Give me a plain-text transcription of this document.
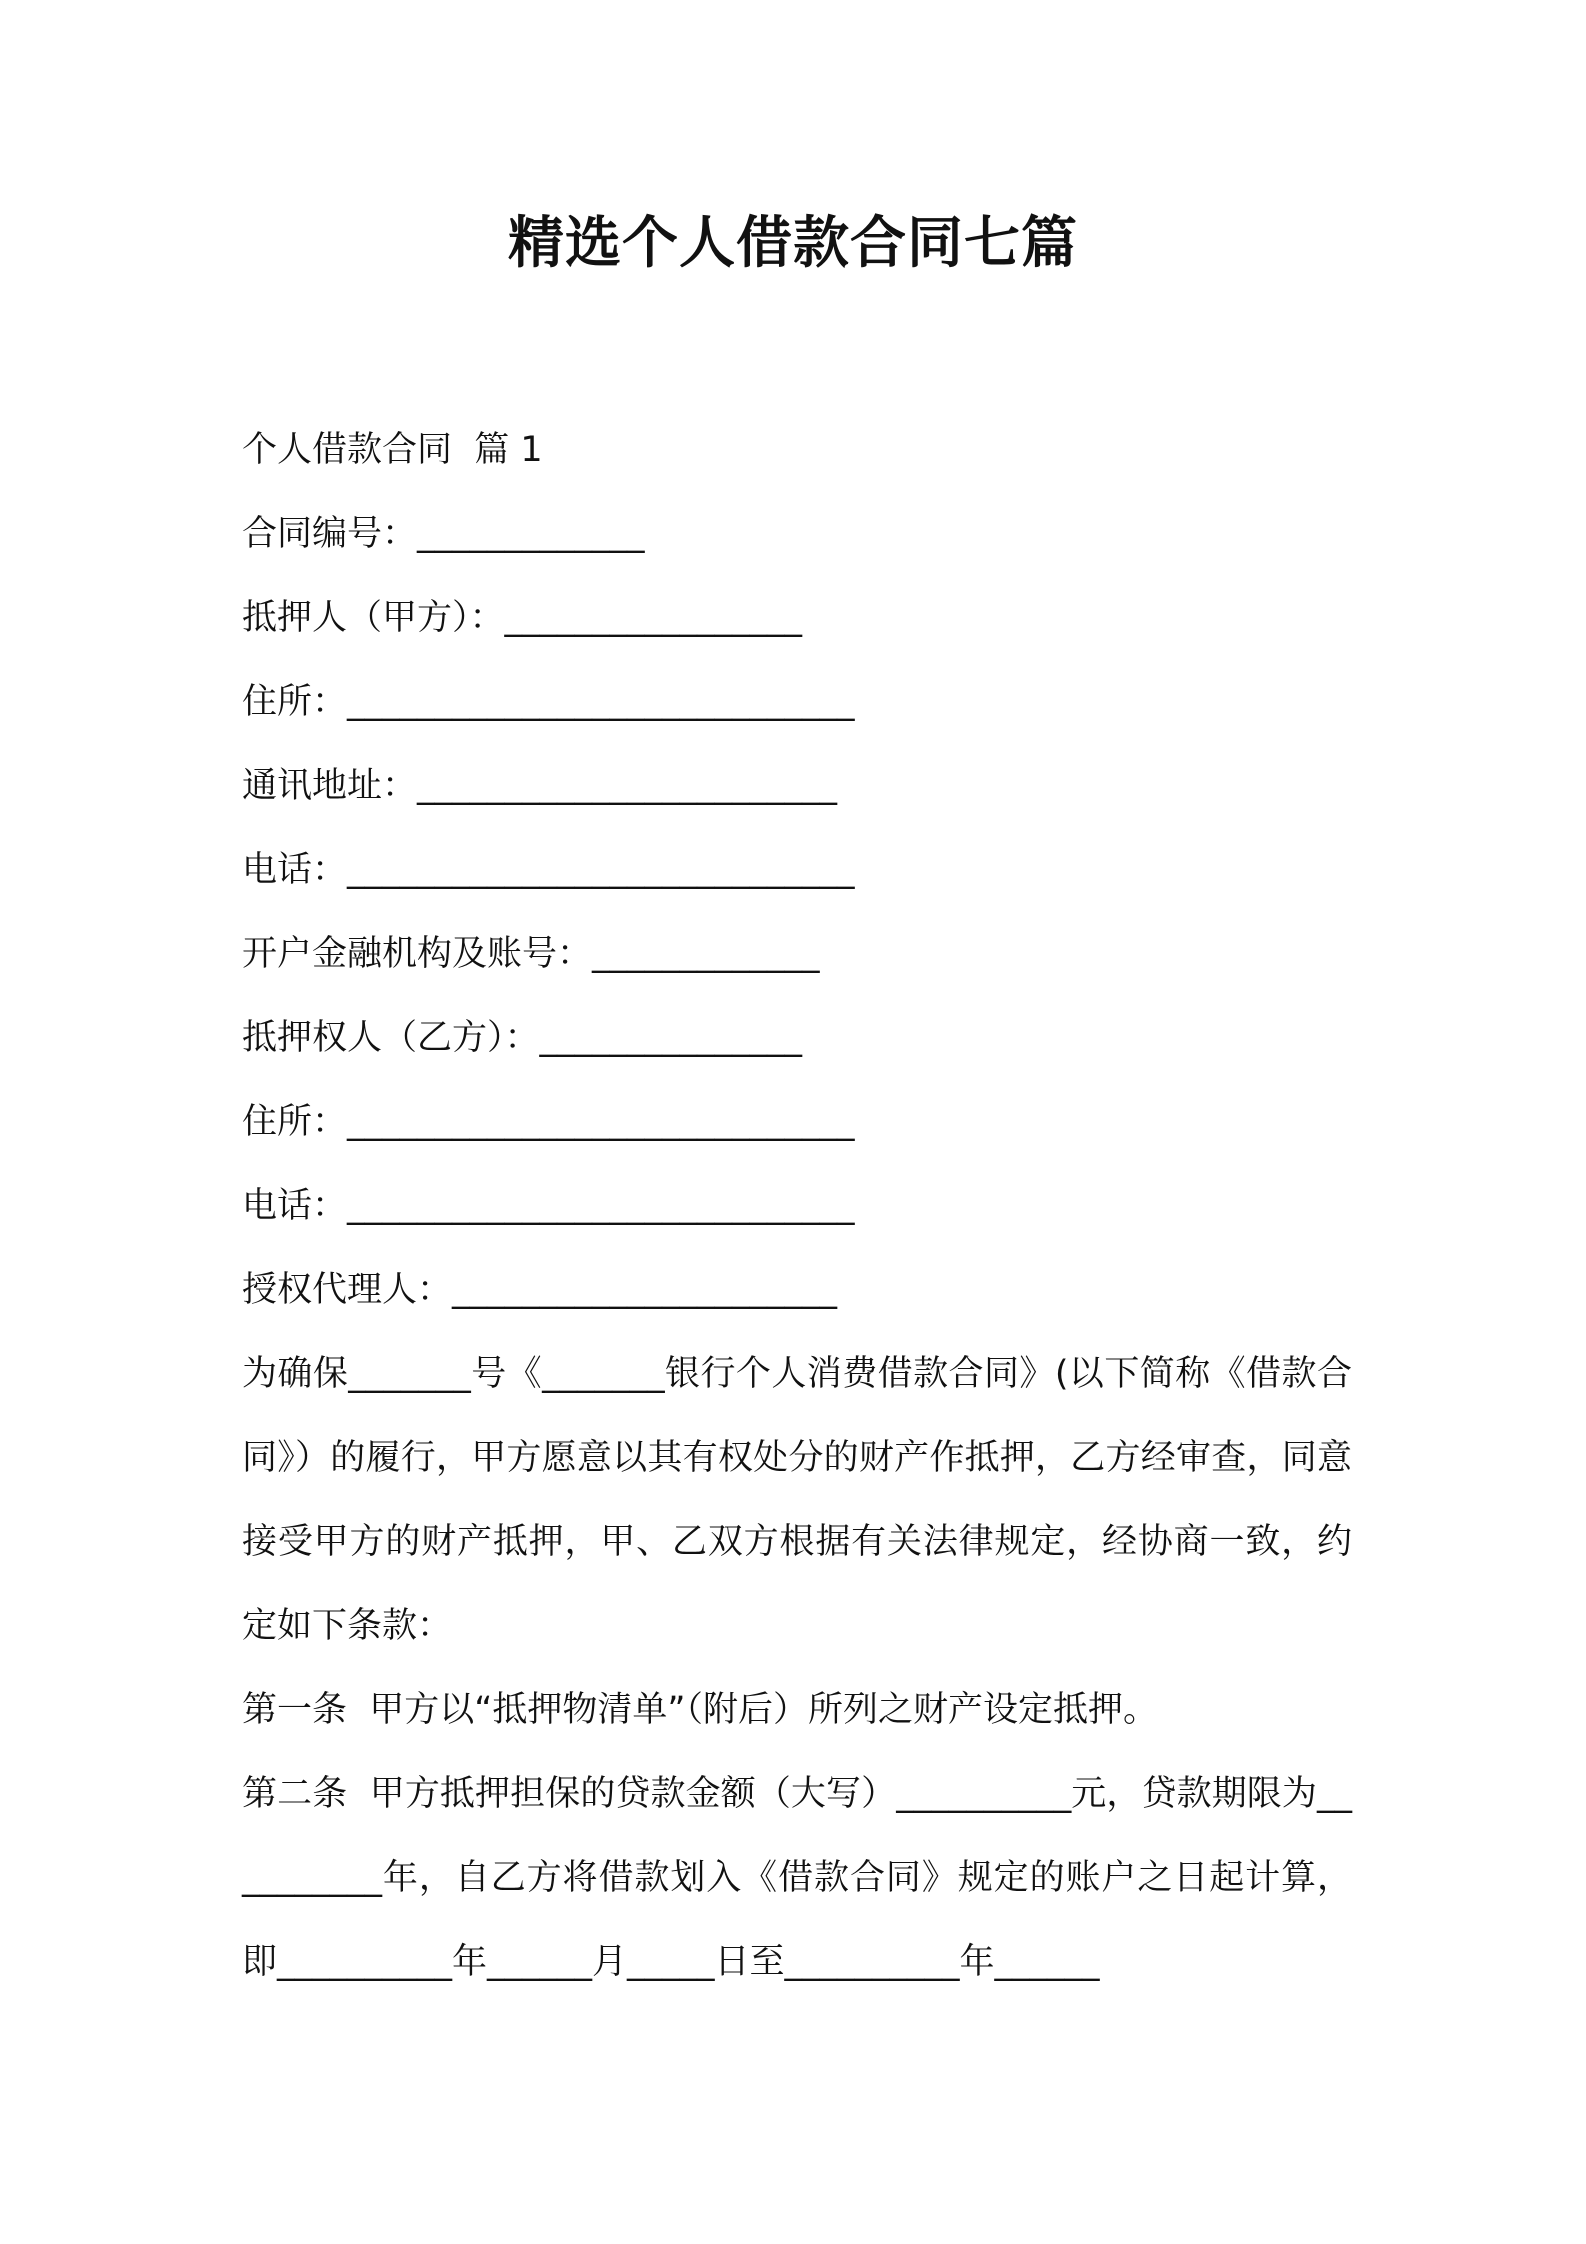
精选个人借款合同七篇
个人借款合同  篇 1
合同编号：_____________
抵押人（甲方）：_________________
住所：_____________________________
通讯地址：________________________
电话：_____________________________
开户金融机构及账号：_____________
抵押权人（乙方）：_______________
住所：_____________________________
电话：_____________________________
授权代理人：______________________
为确保_______号《_______银行个人消费借款合同》(以下简称《借款合同》）的履行，甲方愿意以其有权处分的财产作抵押，乙方经审查，同意接受甲方的财产抵押，甲、乙双方根据有关法律规定，经协商一致，约定如下条款：
第一条  甲方以“抵押物清单”（附后）所列之财产设定抵押。
第二条  甲方抵押担保的贷款金额（大写）__________元，贷款期限为__________年，自乙方将借款划入《借款合同》规定的账户之日起计算，即__________年______月_____日至__________年______
